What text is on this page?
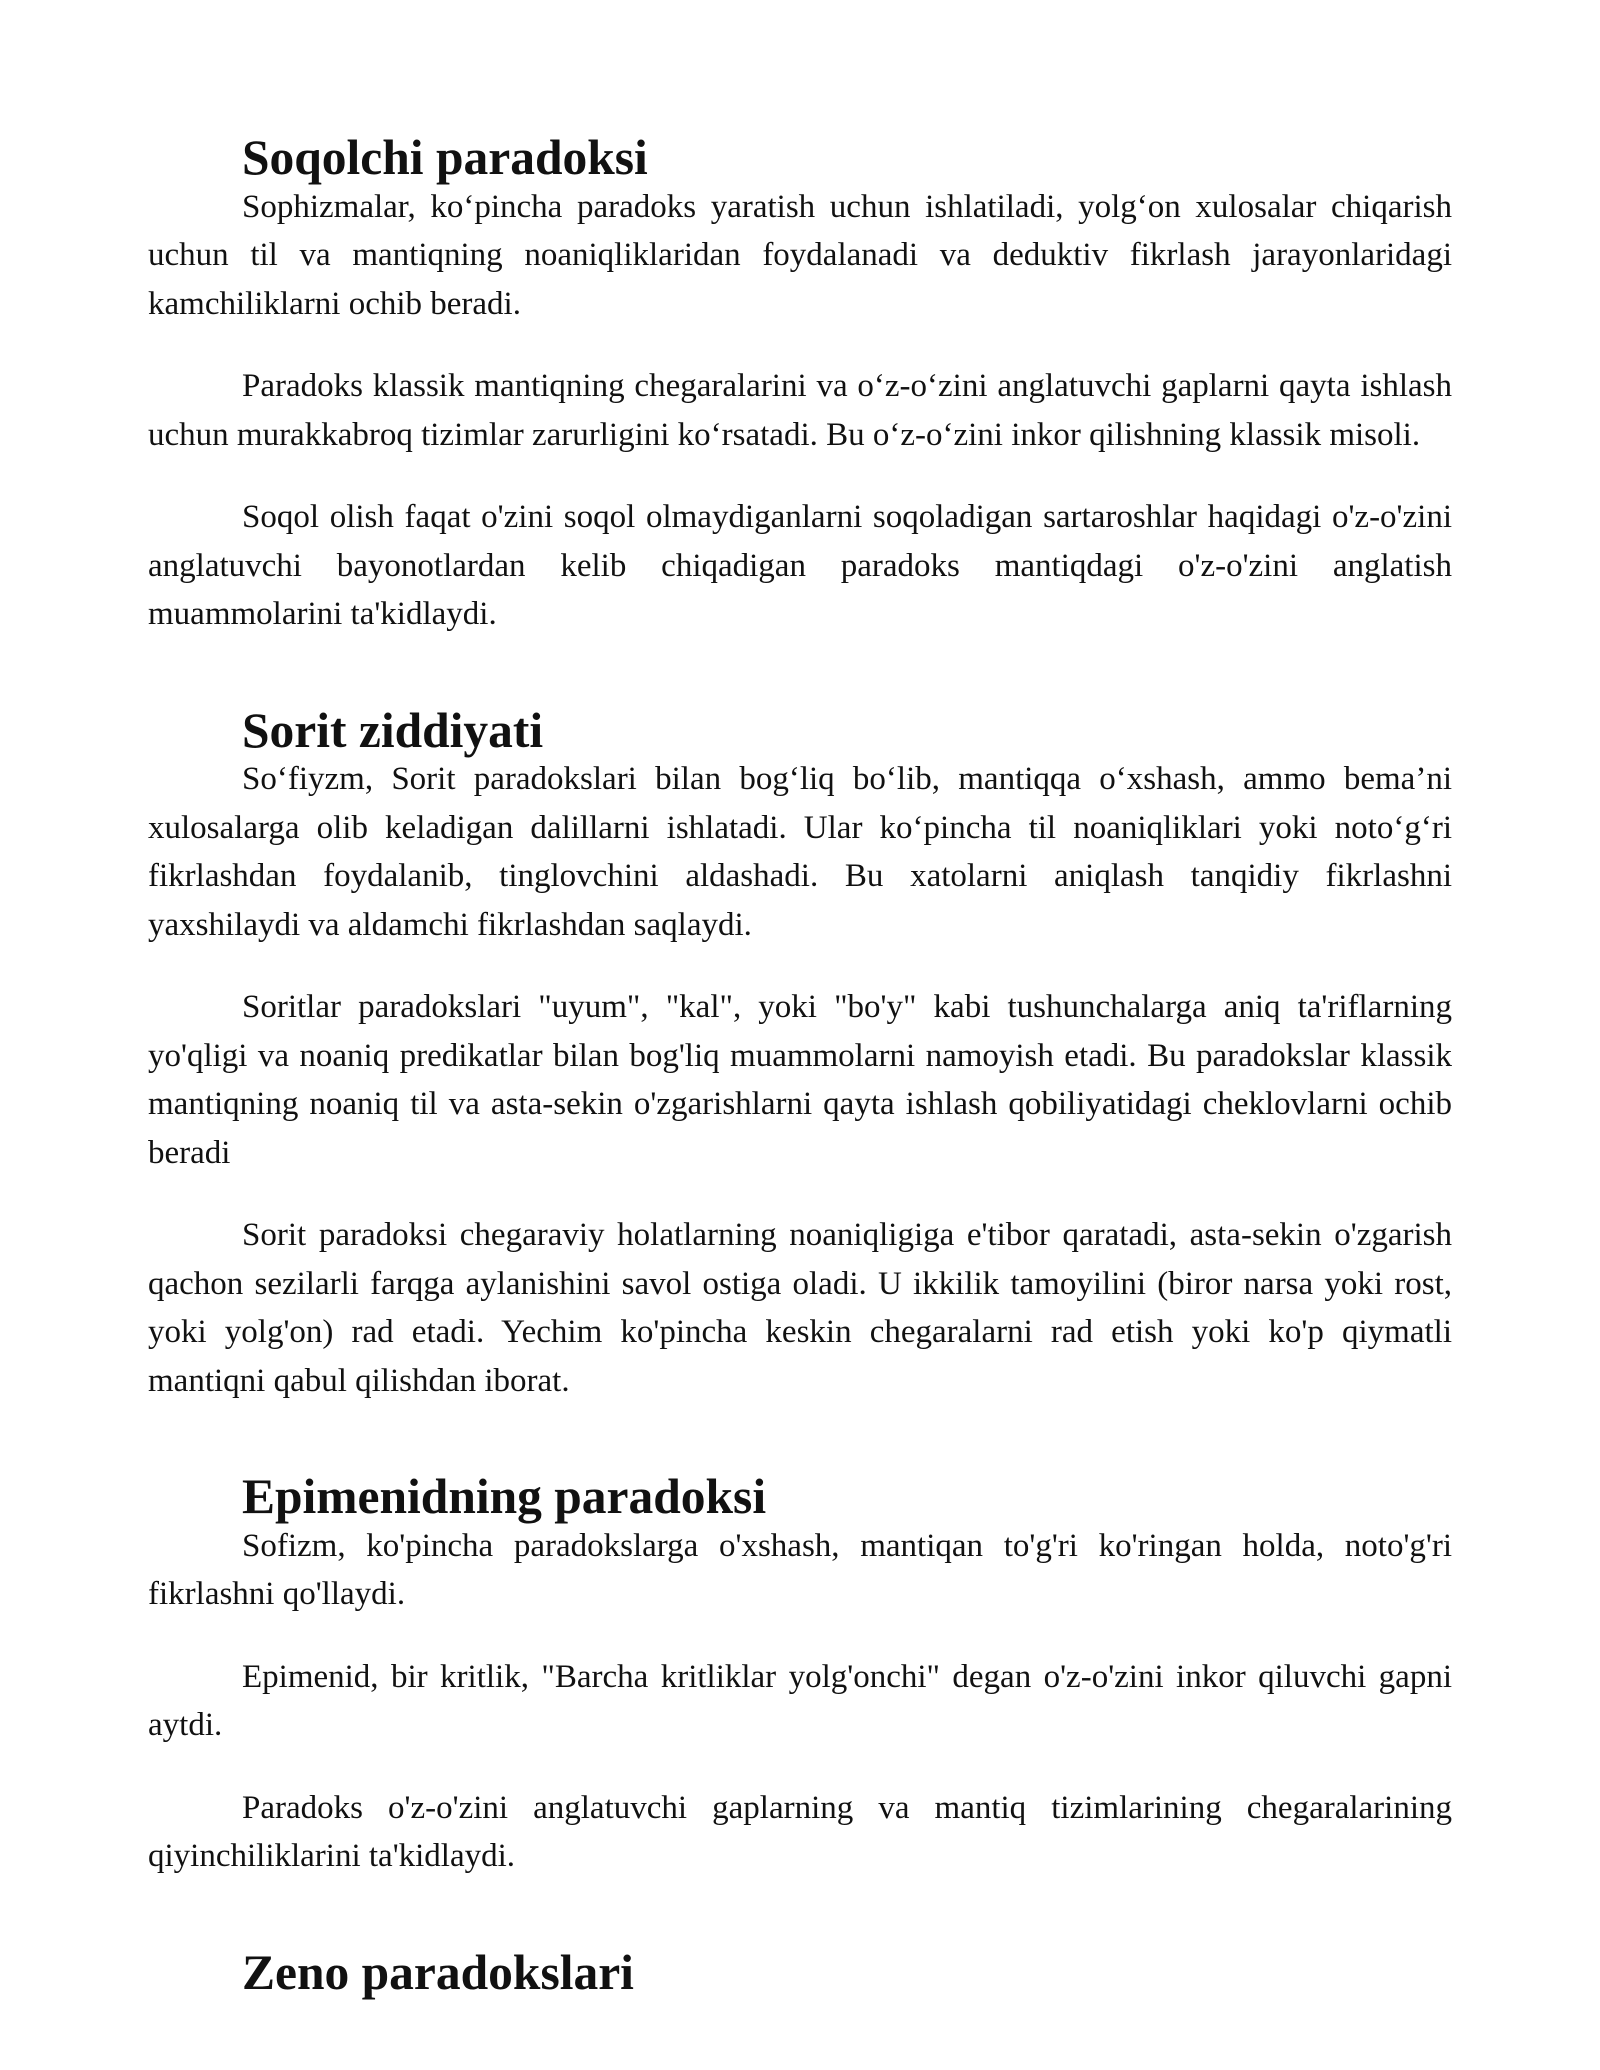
Soqolchi paradoksi

Sophizmalar, ko‘pincha paradoks yaratish uchun ishlatiladi, yolg‘on xulosalar chiqarish uchun til va mantiqning noaniqliklaridan foydalanadi va deduktiv fikrlash jarayonlaridagi kamchiliklarni ochib beradi.

Paradoks klassik mantiqning chegaralarini va o‘z-o‘zini anglatuvchi gaplarni qayta ishlash uchun murakkabroq tizimlar zarurligini ko‘rsatadi. Bu o‘z-o‘zini inkor qilishning klassik misoli.

Soqol olish faqat o'zini soqol olmaydiganlarni soqoladigan sartaroshlar haqidagi o'z-o'zini anglatuvchi bayonotlardan kelib chiqadigan paradoks mantiqdagi o'z-o'zini anglatish muammolarini ta'kidlaydi.

Sorit ziddiyati

So‘fiyzm, Sorit paradokslari bilan bog‘liq bo‘lib, mantiqqa o‘xshash, ammo bema’ni xulosalarga olib keladigan dalillarni ishlatadi. Ular ko‘pincha til noaniqliklari yoki noto‘g‘ri fikrlashdan foydalanib, tinglovchini aldashadi. Bu xatolarni aniqlash tanqidiy fikrlashni yaxshilaydi va aldamchi fikrlashdan saqlaydi.

Soritlar paradokslari "uyum", "kal", yoki "bo'y" kabi tushunchalarga aniq ta'riflarning yo'qligi va noaniq predikatlar bilan bog'liq muammolarni namoyish etadi. Bu paradokslar klassik mantiqning noaniq til va asta-sekin o'zgarishlarni qayta ishlash qobiliyatidagi cheklovlarni ochib beradi

Sorit paradoksi chegaraviy holatlarning noaniqligiga e'tibor qaratadi, asta-sekin o'zgarish qachon sezilarli farqga aylanishini savol ostiga oladi. U ikkilik tamoyilini (biror narsa yoki rost, yoki yolg'on) rad etadi. Yechim ko'pincha keskin chegaralarni rad etish yoki ko'p qiymatli mantiqni qabul qilishdan iborat.

Epimenidning paradoksi

Sofizm, ko'pincha paradokslarga o'xshash, mantiqan to'g'ri ko'ringan holda, noto'g'ri fikrlashni qo'llaydi.

Epimenid, bir kritlik, "Barcha kritliklar yolg'onchi" degan o'z-o'zini inkor qiluvchi gapni aytdi.

Paradoks o'z-o'zini anglatuvchi gaplarning va mantiq tizimlarining chegaralarining qiyinchiliklarini ta'kidlaydi.

Zeno paradokslari
